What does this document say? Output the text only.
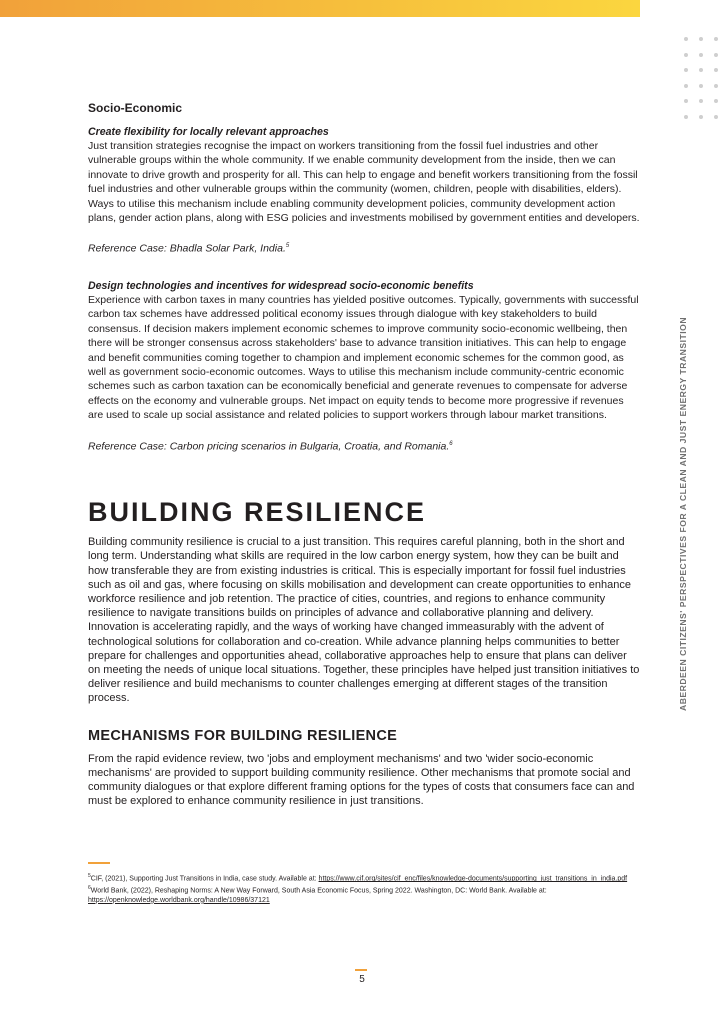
ABERDEEN CITIZENS' PERSPECTIVES FOR A CLEAN AND JUST ENERGY TRANSITION
Socio-Economic
Create flexibility for locally relevant approaches

Just transition strategies recognise the impact on workers transitioning from the fossil fuel industries and other vulnerable groups within the whole community. If we enable community development from the inside, then we can innovate to drive growth and prosperity for all. This can help to engage and benefit workers transitioning from the fossil fuel industries and other vulnerable groups within the community (women, children, people with disabilities, elders). Ways to utilise this mechanism include enabling community development policies, community development action plans, gender action plans, along with ESG policies and investments mobilised by government entities and developers.

Reference Case: Bhadla Solar Park, India.$^5$

Design technologies and incentives for widespread socio-economic benefits

Experience with carbon taxes in many countries has yielded positive outcomes. Typically, governments with successful carbon tax schemes have addressed political economy issues through dialogue with key stakeholders to build consensus. If decision makers implement economic schemes to improve community socio-economic wellbeing, then there will be stronger consensus across stakeholders' base to advance transition initiatives. This can help to engage and benefit communities coming together to champion and implement economic schemes for the common good, as well as government socio-economic outcomes. Ways to utilise this mechanism include community-centric economic schemes such as carbon taxation can be economically beneficial and generate revenues to compensate for adverse effects on the economy and vulnerable groups. Net impact on equity tends to become more progressive if revenues are used to scale up social assistance and related policies to support workers through labour market transitions.

Reference Case: Carbon pricing scenarios in Bulgaria, Croatia, and Romania.$^6$

BUILDING RESILIENCE

Building community resilience is crucial to a just transition. This requires careful planning, both in the short and long term. Understanding what skills are required in the low carbon energy system, how they can be built and how transferable they are from existing industries is critical. This is especially important for fossil fuel industries such as oil and gas, where focusing on skills mobilisation and development can create opportunities to enhance workforce resilience and job retention. The practice of cities, countries, and regions to enhance community resilience to navigate transitions builds on principles of advance and collaborative planning and delivery. Innovation is accelerating rapidly, and the ways of working have changed immeasurably with the advent of technological solutions for collaboration and co-creation. While advance planning helps communities to better prepare for challenges and opportunities ahead, collaborative approaches help to ensure that plans can deliver on meeting the needs of unique local situations. Together, these principles have helped just transition initiatives to deliver resilience and build mechanisms to counter challenges emerging at different stages of the transition process.

MECHANISMS FOR BUILDING RESILIENCE

From the rapid evidence review, two 'jobs and employment mechanisms' and two 'wider socio-economic mechanisms' are provided to support building community resilience. Other mechanisms that promote social and community dialogues or that explore different framing options for the types of costs that consumers face can and must be explored to enhance community resilience in just transitions.

$^5$CIF, (2021), Supporting Just Transitions in India, case study. Available at: https://www.cif.org/sites/cif_enc/files/knowledge-documents/supporting_just_transitions_in_india.pdf

$^6$World Bank, (2022), Reshaping Norms: A New Way Forward, South Asia Economic Focus, Spring 2022. Washington, DC: World Bank. Available at: https://openknowledge.worldbank.org/handle/10986/37121

5
